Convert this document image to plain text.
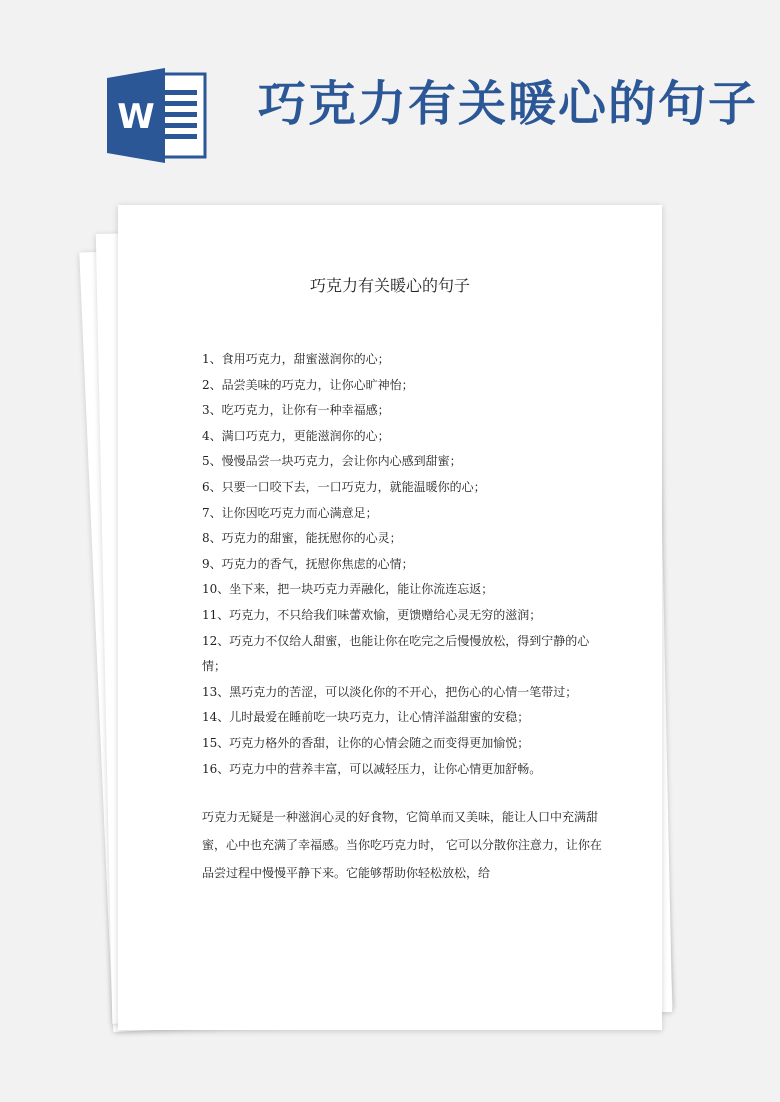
W 巧克力有关暖心的句子
巧克力有关暖心的句子
1、食用巧克力，甜蜜滋润你的心；
2、品尝美味的巧克力，让你心旷神怡；
3、吃巧克力，让你有一种幸福感；
4、满口巧克力，更能滋润你的心；
5、慢慢品尝一块巧克力，会让你内心感到甜蜜；
6、只要一口咬下去，一口巧克力，就能温暖你的心；
7、让你因吃巧克力而心满意足；
8、巧克力的甜蜜，能抚慰你的心灵；
9、巧克力的香气，抚慰你焦虑的心情；
10、坐下来，把一块巧克力弄融化，能让你流连忘返；
11、巧克力，不只给我们味蕾欢愉，更馈赠给心灵无穷的滋润；
12、巧克力不仅给人甜蜜，也能让你在吃完之后慢慢放松，得到宁静的心情；
13、黑巧克力的苦涩，可以淡化你的不开心，把伤心的心情一笔带过；
14、儿时最爱在睡前吃一块巧克力，让心情洋溢甜蜜的安稳；
15、巧克力格外的香甜，让你的心情会随之而变得更加愉悦；
16、巧克力中的营养丰富，可以减轻压力，让你心情更加舒畅。

巧克力无疑是一种滋润心灵的好食物，它简单而又美味，能让人口中充满甜蜜，心中也充满了幸福感。当你吃巧克力时， 它可以分散你注意力，让你在品尝过程中慢慢平静下来。它能够帮助你轻松放松，给
